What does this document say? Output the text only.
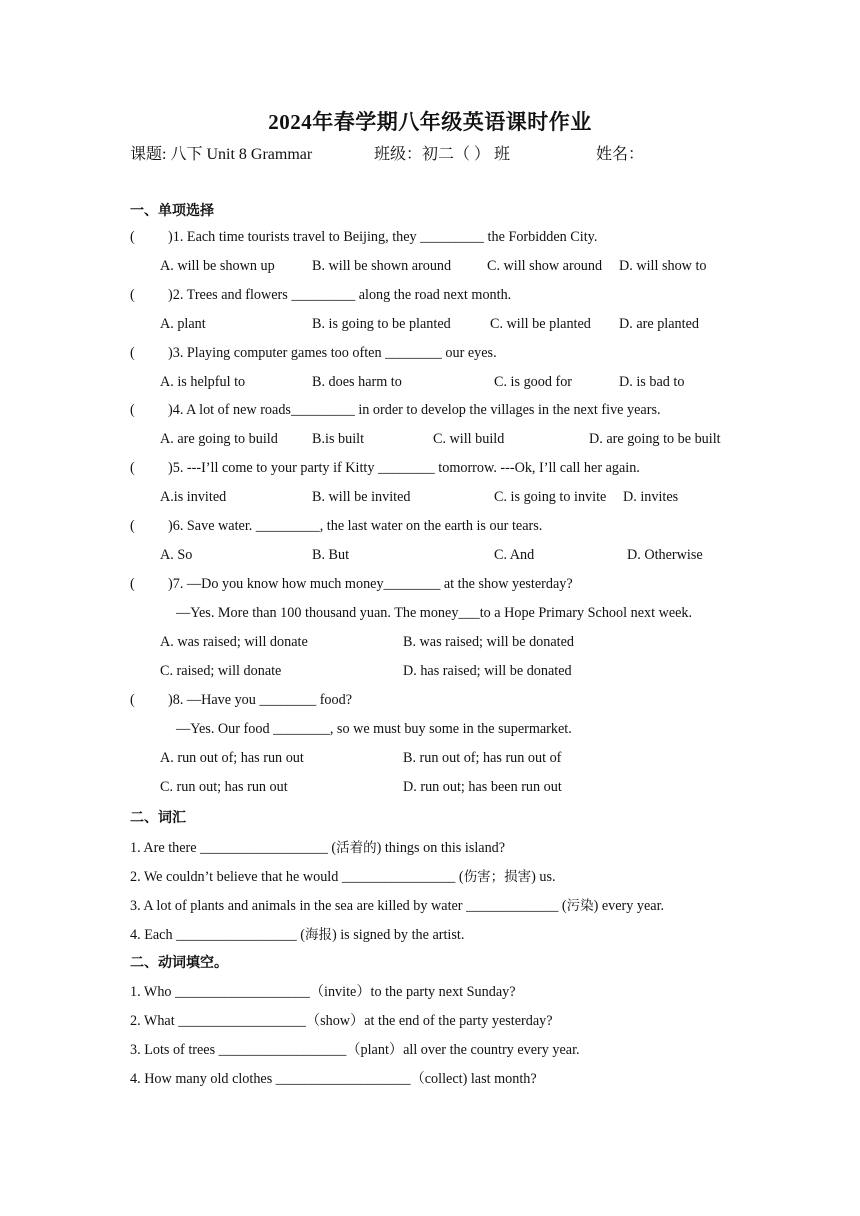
2024年春学期八年级英语课时作业
课题: 八下 Unit 8 Grammar	班级：初二（ ） 班	姓名：
一、单项选择
( )1. Each time tourists travel to Beijing, they _________ the Forbidden City.
A. will be shown up	B. will be shown around	C. will show around D. will show to
( )2. Trees and flowers _________ along the road next month.
A. plant	B. is going to be planted	C. will be planted D. are planted
( )3. Playing computer games too often ________ our eyes.
A. is helpful to	B. does harm to	C. is good for	D. is bad to
( )4. A lot of new roads_________ in order to develop the villages in the next five years.
A. are going to build B.is built	C. will build	D. are going to be built
( )5. ---I’ll come to your party if Kitty ________ tomorrow. ---Ok, I’ll call her again.
A.is invited	B. will be invited	C. is going to invite D. invites
( )6. Save water. _________, the last water on the earth is our tears.
A. So	B. But	C. And	D. Otherwise
( )7. —Do you know how much money________ at the show yesterday?
—Yes. More than 100 thousand yuan. The money___to a Hope Primary School next week.
A. was raised; will donate	B. was raised; will be donated
C. raised; will donate	D. has raised; will be donated
( )8. —Have you ________ food?
—Yes. Our food ________, so we must buy some in the supermarket.
A. run out of; has run out	B. run out of; has run out of
C. run out; has run out	D. run out; has been run out
二、词汇
1. Are there __________________ (活着的) things on this island?
2. We couldn’t believe that he would ________________ (伤害；损害) us.
3. A lot of plants and animals in the sea are killed by water _____________ (污染) every year.
4. Each _________________ (海报) is signed by the artist.
二、动词填空。
1. Who ___________________（invite）to the party next Sunday?
2. What __________________（show）at the end of the party yesterday?
3. Lots of trees __________________（plant）all over the country every year.
4. How many old clothes ___________________（collect) last month?
